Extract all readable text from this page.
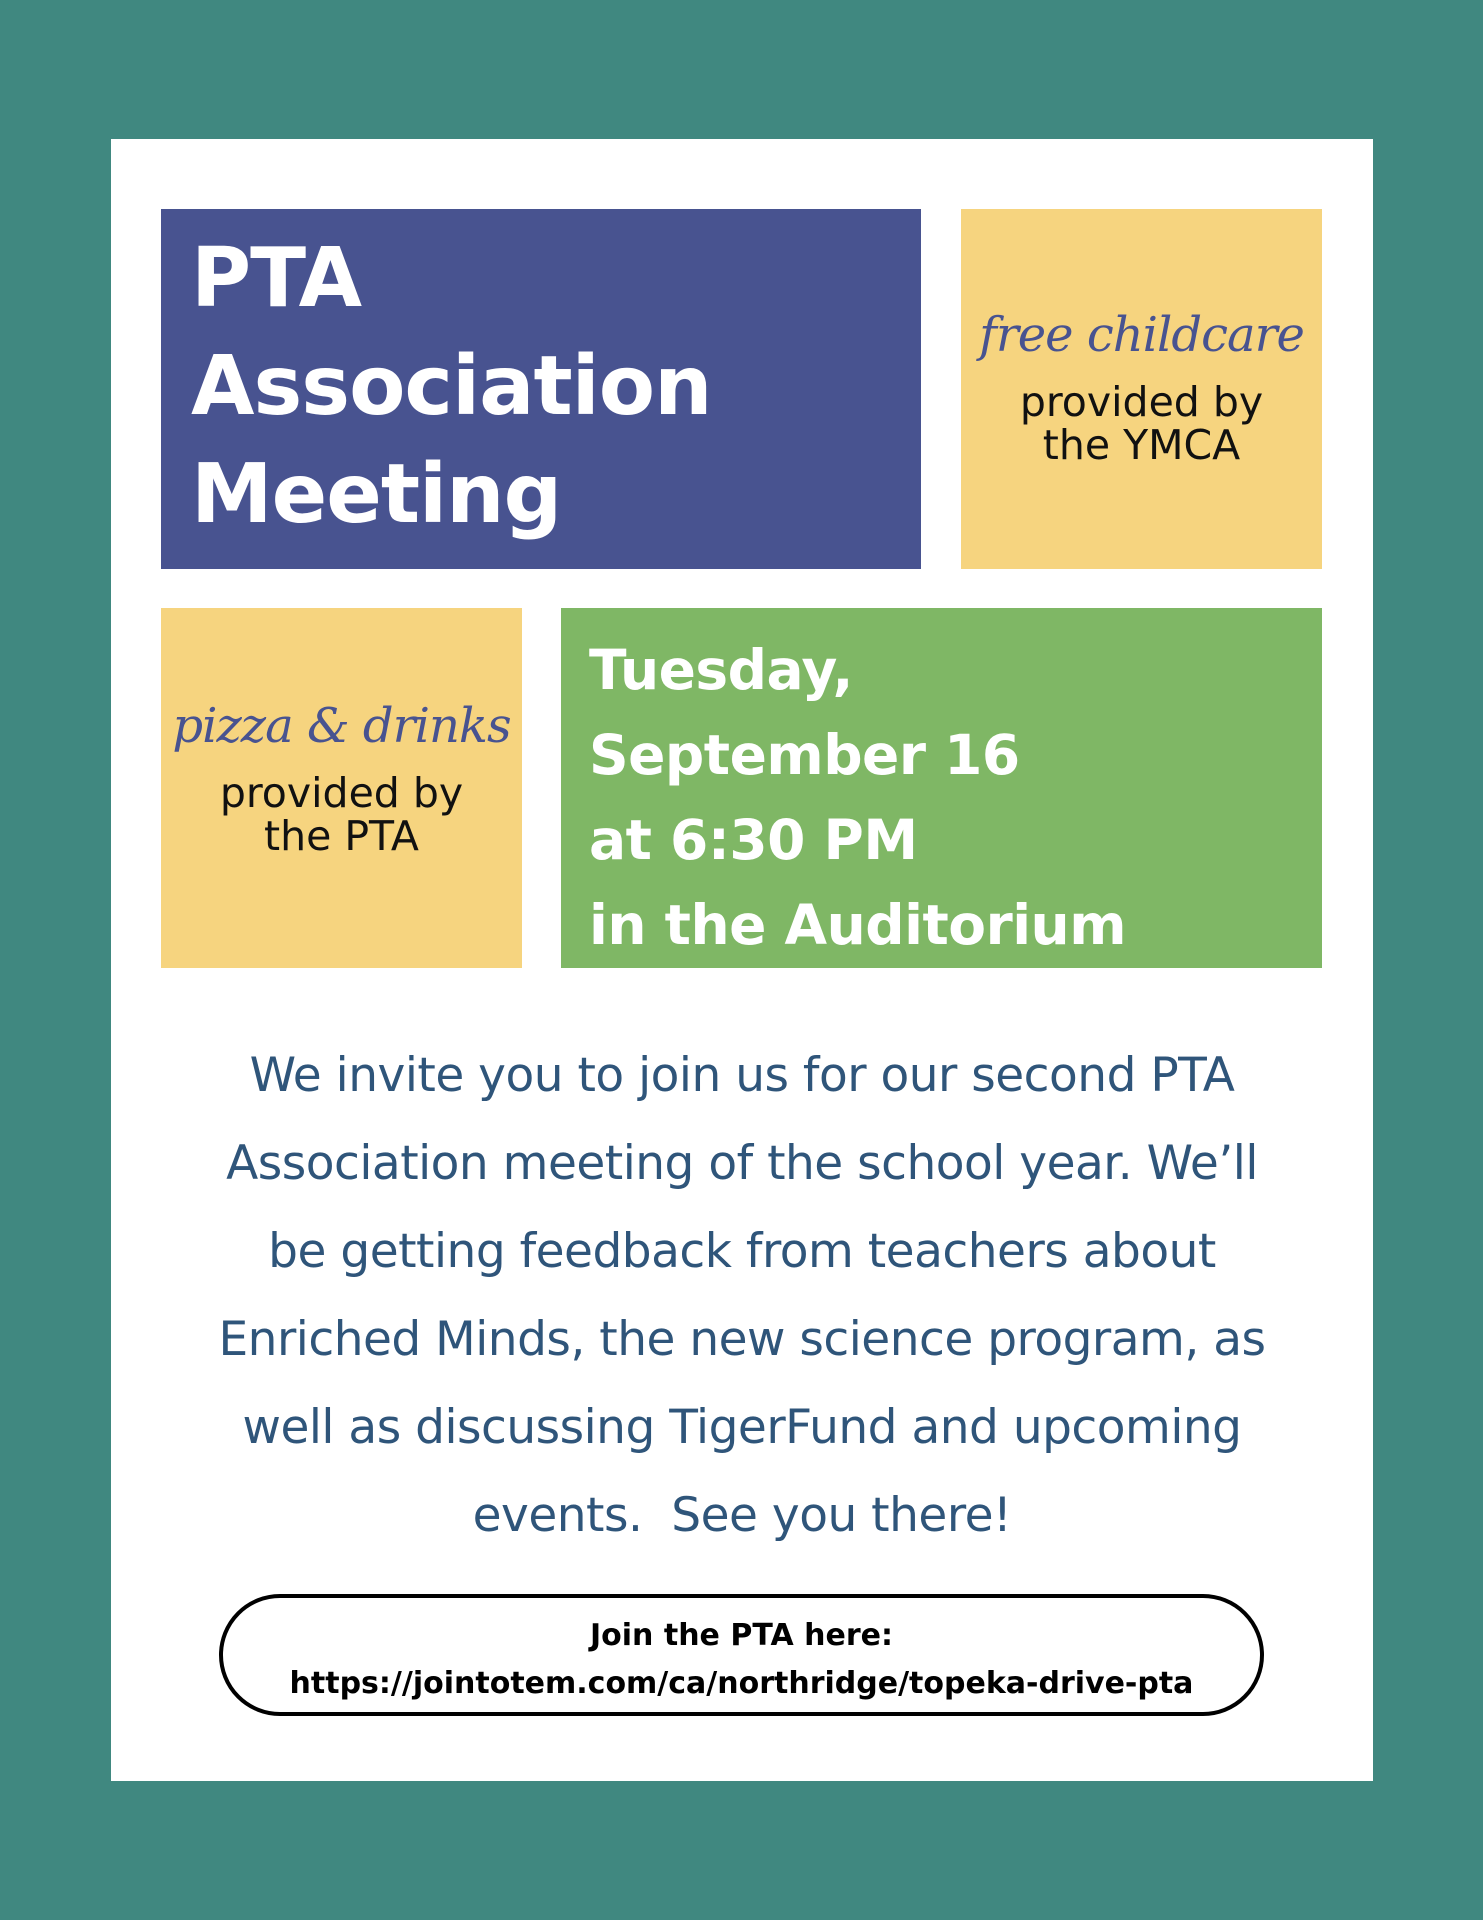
PTA
Association
Meeting
free childcare
provided by
the YMCA
pizza & drinks
provided by
the PTA
Tuesday,
September 16
at 6:30 PM
in the Auditorium
We invite you to join us for our second PTA
Association meeting of the school year. We’ll
be getting feedback from teachers about
Enriched Minds, the new science program, as
well as discussing TigerFund and upcoming
events.  See you there!
Join the PTA here:
https://jointotem.com/ca/northridge/topeka-drive-pta
